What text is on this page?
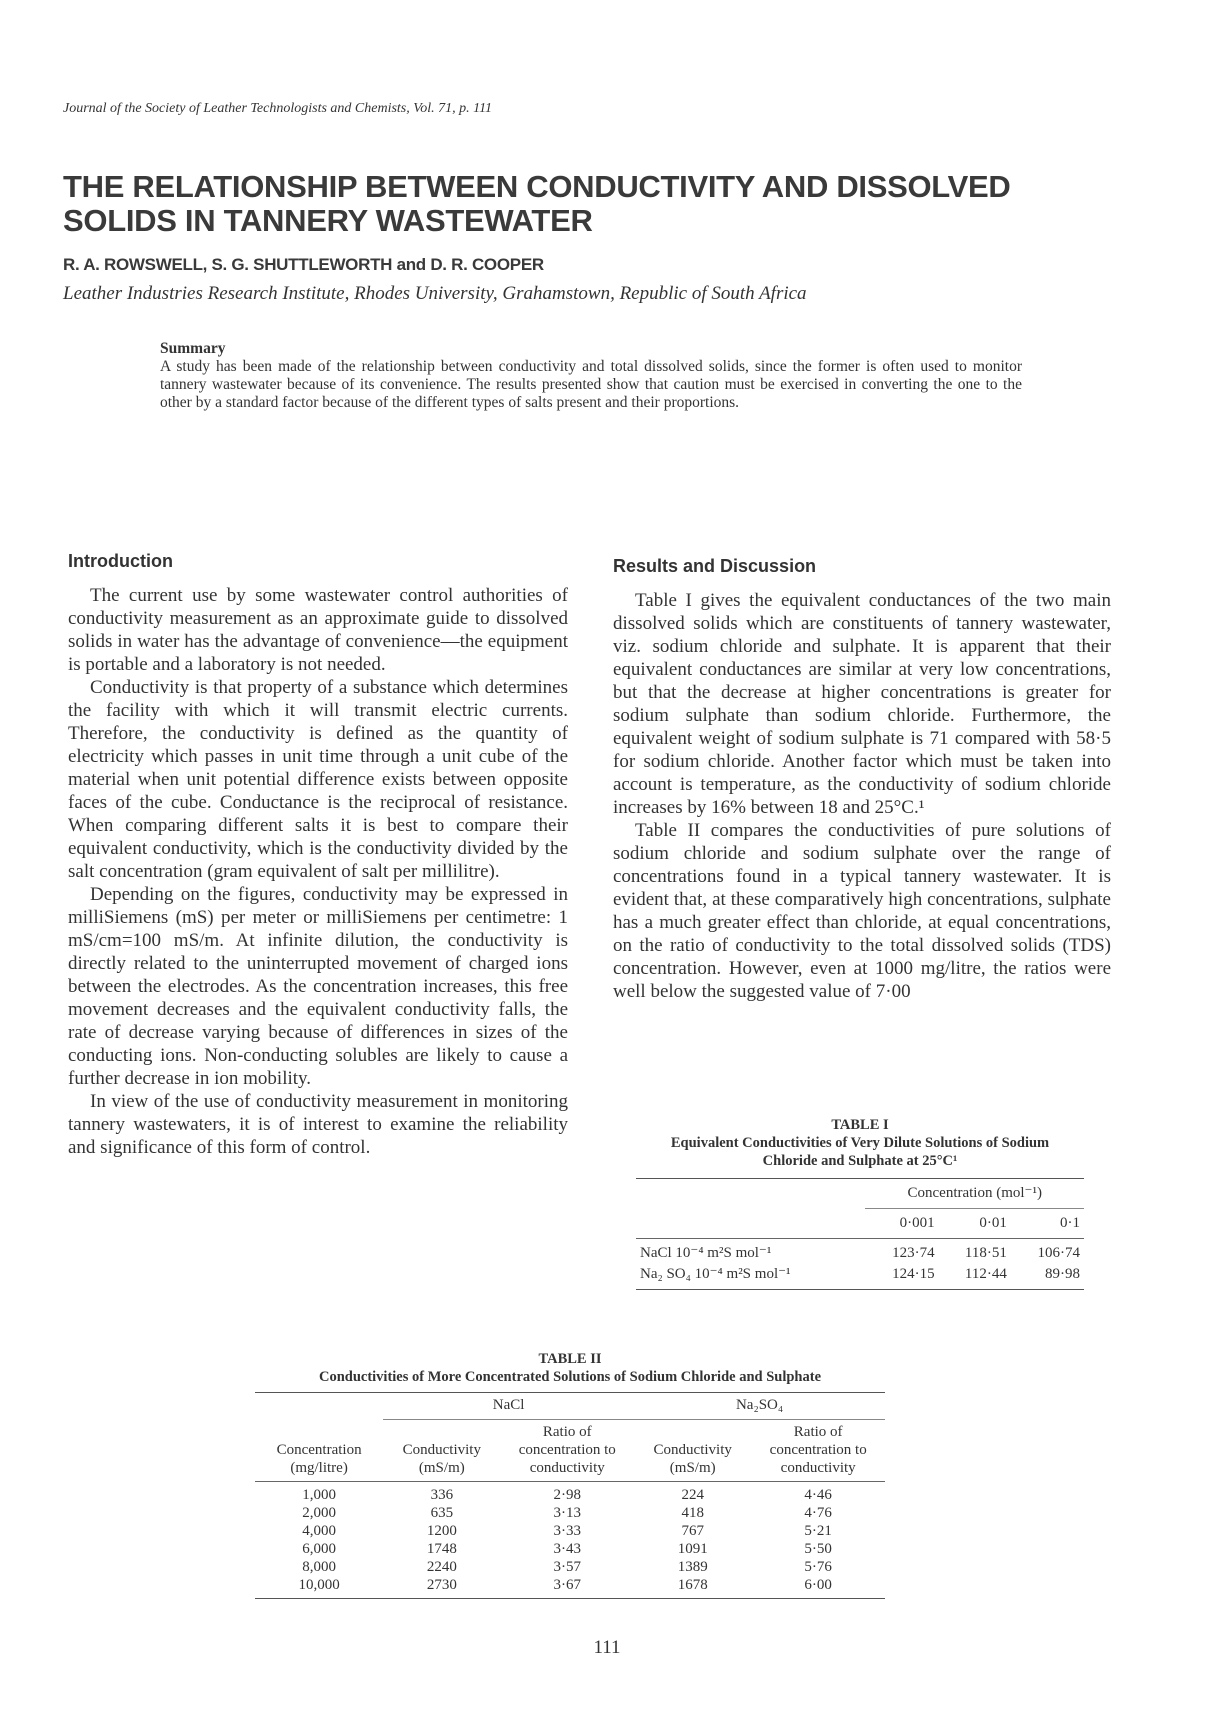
Journal of the Society of Leather Technologists and Chemists, Vol. 71, p. 111
THE RELATIONSHIP BETWEEN CONDUCTIVITY AND DISSOLVED
SOLIDS IN TANNERY WASTEWATER
R. A. ROWSWELL, S. G. SHUTTLEWORTH and D. R. COOPER
Leather Industries Research Institute, Rhodes University, Grahamstown, Republic of South Africa
Summary
A study has been made of the relationship between conductivity and total dissolved solids, since the former is often used to monitor tannery wastewater because of its convenience. The results presented show that caution must be exercised in converting the one to the other by a standard factor because of the different types of salts present and their proportions.
Introduction

The current use by some wastewater control authorities of conductivity measurement as an approximate guide to dissolved solids in water has the advantage of convenience—the equipment is portable and a laboratory is not needed.

Conductivity is that property of a substance which determines the facility with which it will transmit electric currents. Therefore, the conductivity is defined as the quantity of electricity which passes in unit time through a unit cube of the material when unit potential difference exists between opposite faces of the cube. Conductance is the reciprocal of resistance. When comparing different salts it is best to compare their equivalent conductivity, which is the conductivity divided by the salt concentration (gram equivalent of salt per millilitre).

Depending on the figures, conductivity may be expressed in milliSiemens (mS) per meter or milliSiemens per centimetre: 1 mS/cm=100 mS/m. At infinite dilution, the conductivity is directly related to the uninterrupted movement of charged ions between the electrodes. As the concentration increases, this free movement decreases and the equivalent conductivity falls, the rate of decrease varying because of differences in sizes of the conducting ions. Non-conducting solubles are likely to cause a further decrease in ion mobility.

In view of the use of conductivity measurement in monitoring tannery wastewaters, it is of interest to examine the reliability and significance of this form of control.

Results and Discussion

Table I gives the equivalent conductances of the two main dissolved solids which are constituents of tannery wastewater, viz. sodium chloride and sulphate. It is apparent that their equivalent conductances are similar at very low concentrations, but that the decrease at higher concentrations is greater for sodium sulphate than sodium chloride. Furthermore, the equivalent weight of sodium sulphate is 71 compared with 58·5 for sodium chloride. Another factor which must be taken into account is temperature, as the conductivity of sodium chloride increases by 16% between 18 and 25°C.¹

Table II compares the conductivities of pure solutions of sodium chloride and sodium sulphate over the range of concentrations found in a typical tannery wastewater. It is evident that, at these comparatively high concentrations, sulphate has a much greater effect than chloride, at equal concentrations, on the ratio of conductivity to the total dissolved solids (TDS) concentration. However, even at 1000 mg/litre, the ratios were well below the suggested value of 7·00

TABLE I
Equivalent Conductivities of Very Dilute Solutions of Sodium
Chloride and Sulphate at 25°C¹
	Concentration (mol⁻¹)		
	0·001	0·01	0·1
NaCl 10⁻⁴ m²S mol⁻¹	123·74	118·51	106·74
Na₂ SO₄ 10⁻⁴ m²S mol⁻¹	124·15	112·44	89·98
TABLE II
Conductivities of More Concentrated Solutions of Sodium Chloride and Sulphate
	NaCl		Na₂SO₄	
Concentration (mg/litre)	Conductivity (mS/m)	Ratio of concentration to conductivity	Conductivity (mS/m)	Ratio of concentration to conductivity
1,000	336	2·98	224	4·46
2,000	635	3·13	418	4·76
4,000	1200	3·33	767	5·21
6,000	1748	3·43	1091	5·50
8,000	2240	3·57	1389	5·76
10,000	2730	3·67	1678	6·00
111
